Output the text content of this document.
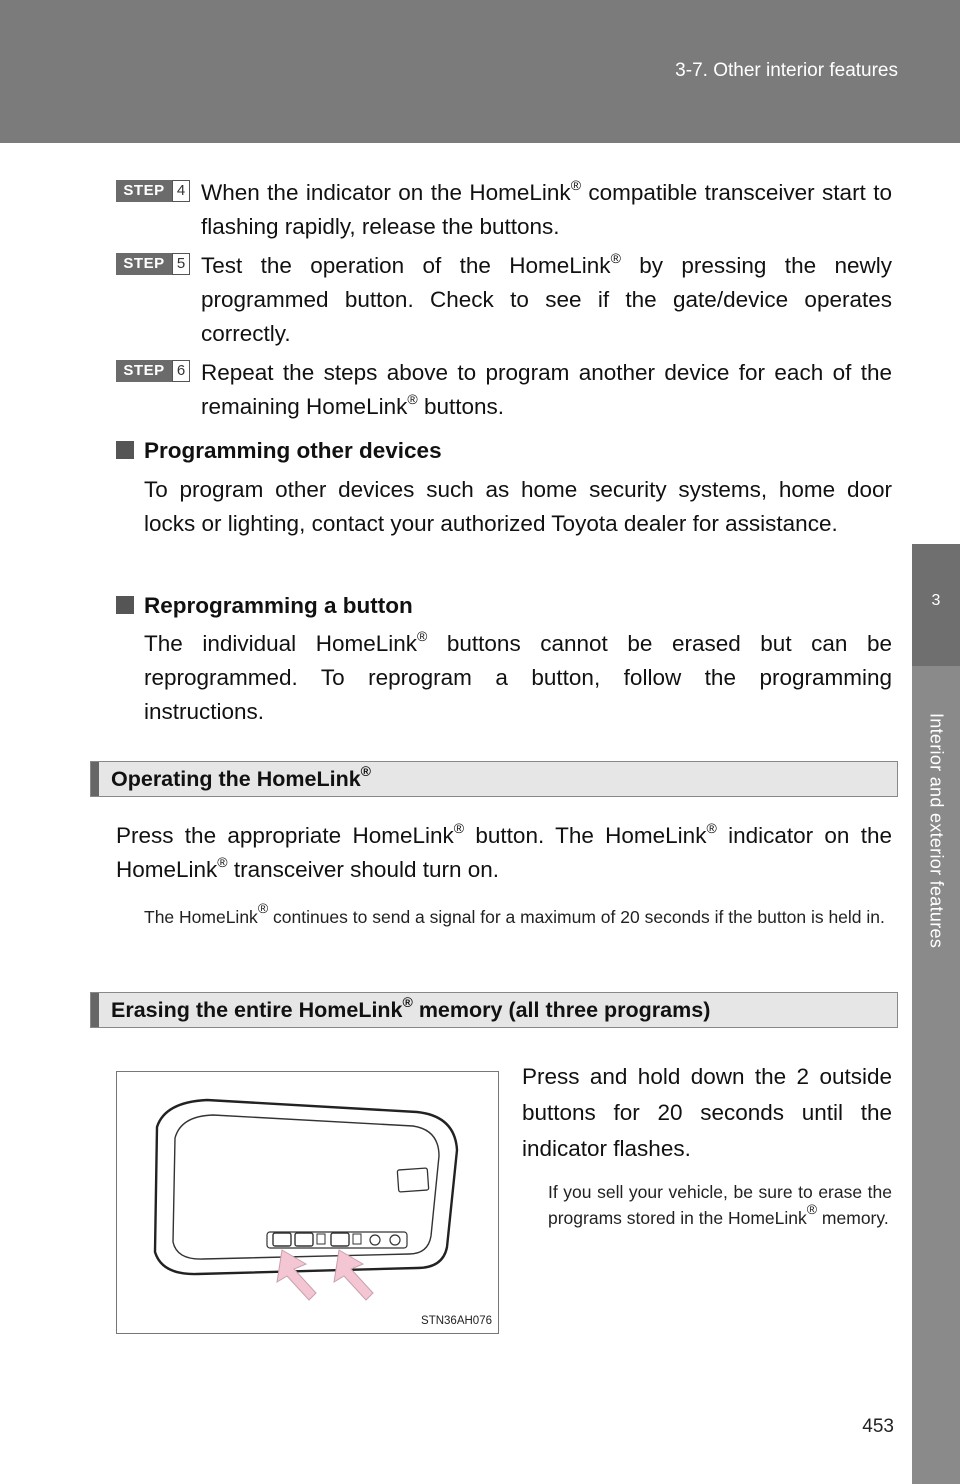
3-7. Other interior features
3
Interior and exterior features
STEP 4 When the indicator on the HomeLink® compatible transceiver start to flashing rapidly, release the buttons.
STEP 5 Test the operation of the HomeLink® by pressing the newly programmed button. Check to see if the gate/device operates correctly.
STEP 6 Repeat the steps above to program another device for each of the remaining HomeLink® buttons.
Programming other devices
To program other devices such as home security systems, home door locks or lighting, contact your authorized Toyota dealer for assistance.
Reprogramming a button
The individual HomeLink® buttons cannot be erased but can be reprogrammed. To reprogram a button, follow the programming instructions.
Operating the HomeLink®
Press the appropriate HomeLink® button. The HomeLink® indicator on the HomeLink® transceiver should turn on.
The HomeLink® continues to send a signal for a maximum of 20 seconds if the button is held in.
Erasing the entire HomeLink® memory (all three programs)
STN36AH076
Press and hold down the 2 outside buttons for 20 seconds until the indicator flashes.
If you sell your vehicle, be sure to erase the programs stored in the HomeLink® memory.
453
